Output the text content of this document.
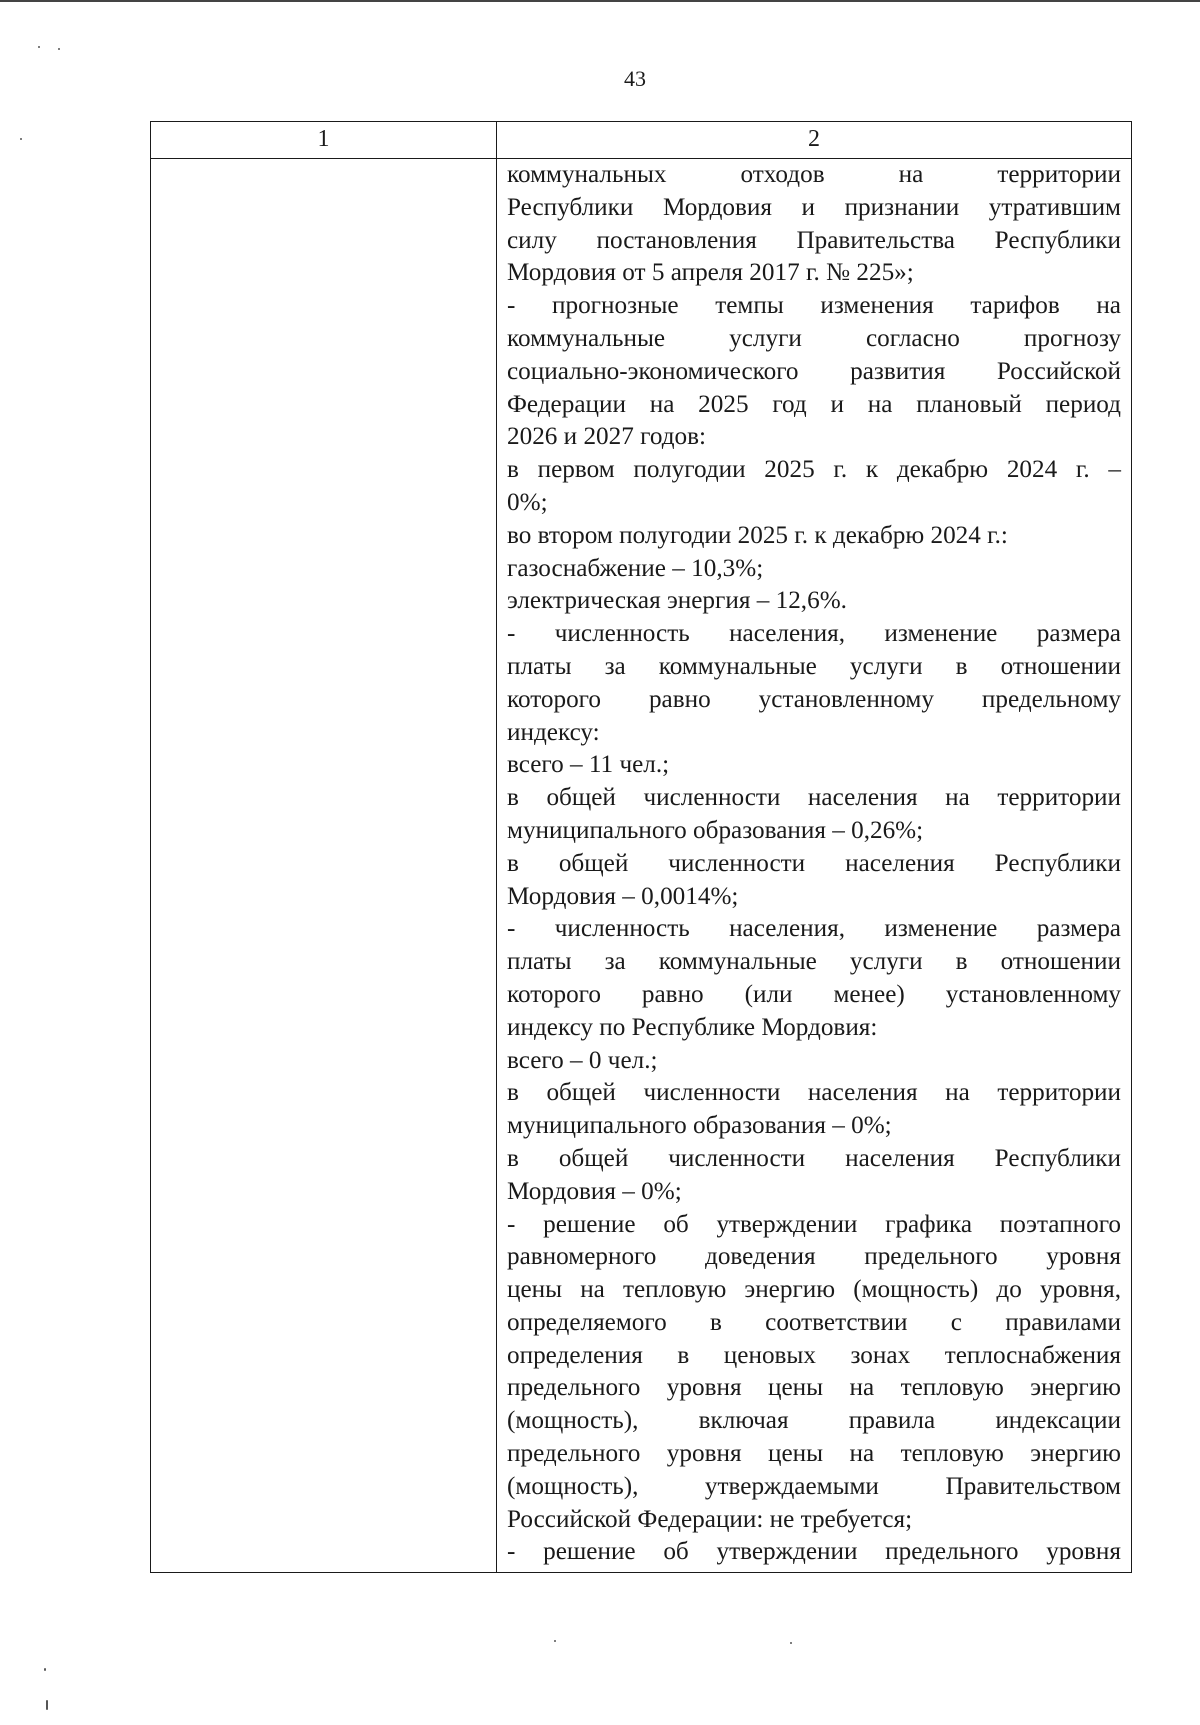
43
1	2
коммунальных отходов на территории
Республики Мордовия и признании утратившим
силу постановления Правительства Республики
Мордовия от 5 апреля 2017 г. № 225»;
- прогнозные темпы изменения тарифов на
коммунальные услуги согласно прогнозу
социально-экономического развития Российской
Федерации на 2025 год и на плановый период
2026 и 2027 годов:
в первом полугодии 2025 г. к декабрю 2024 г. –
0%;
во втором полугодии 2025 г. к декабрю 2024 г.:
газоснабжение – 10,3%;
электрическая энергия – 12,6%.
- численность населения, изменение размера
платы за коммунальные услуги в отношении
которого равно установленному предельному
индексу:
всего – 11 чел.;
в общей численности населения на территории
муниципального образования – 0,26%;
в общей численности населения Республики
Мордовия – 0,0014%;
- численность населения, изменение размера
платы за коммунальные услуги в отношении
которого равно (или менее) установленному
индексу по Республике Мордовия:
всего – 0 чел.;
в общей численности населения на территории
муниципального образования – 0%;
в общей численности населения Республики
Мордовия – 0%;
- решение об утверждении графика поэтапного
равномерного доведения предельного уровня
цены на тепловую энергию (мощность) до уровня,
определяемого в соответствии с правилами
определения в ценовых зонах теплоснабжения
предельного уровня цены на тепловую энергию
(мощность), включая правила индексации
предельного уровня цены на тепловую энергию
(мощность), утверждаемыми Правительством
Российской Федерации: не требуется;
- решение об утверждении предельного уровня
